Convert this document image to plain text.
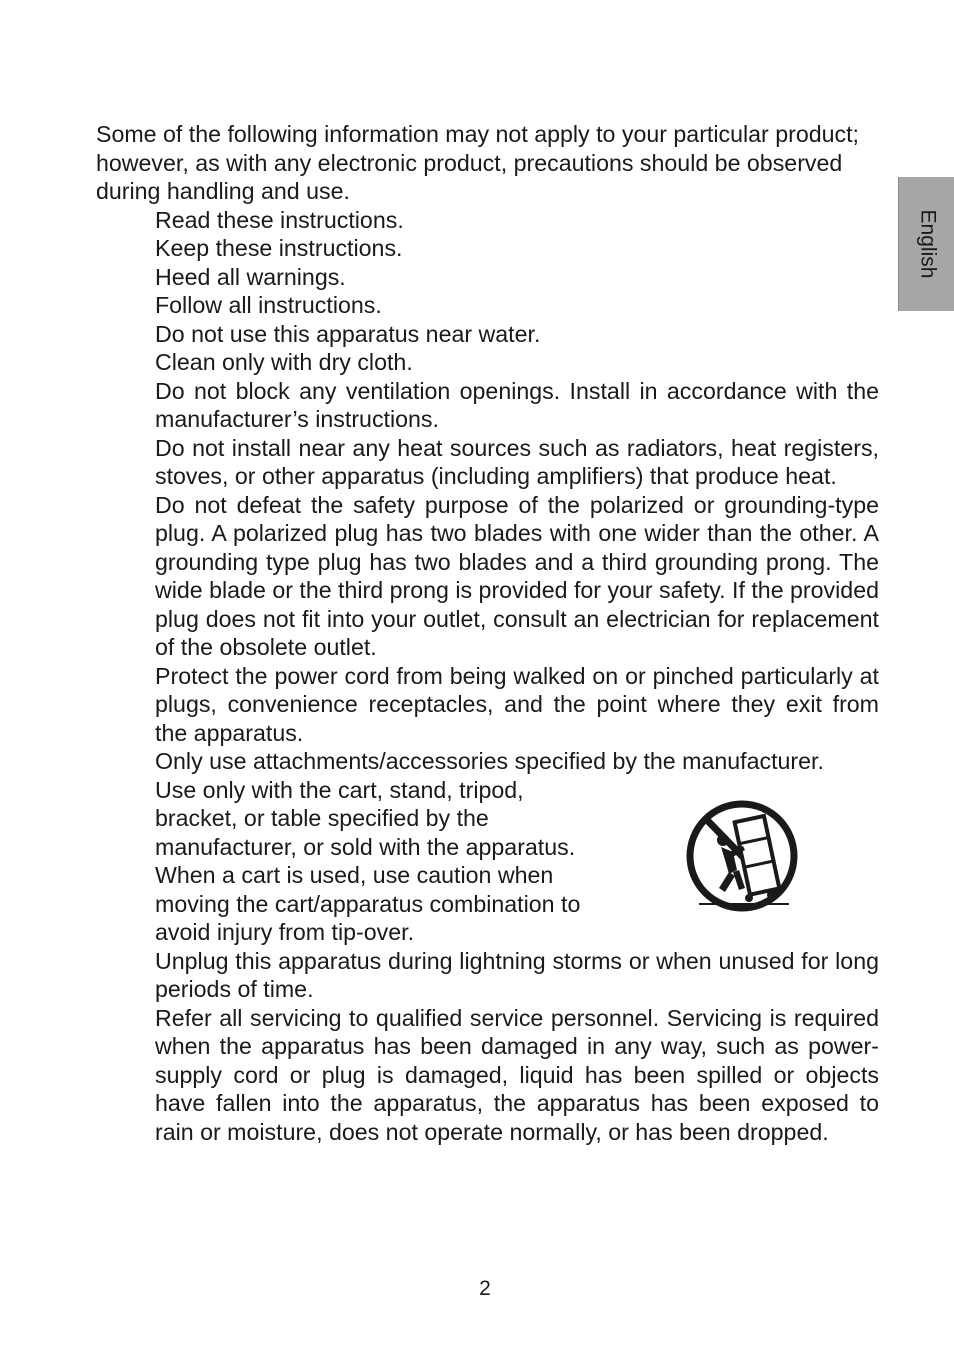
English

Some of the following information may not apply to your particular product; however, as with any electronic product, precautions should be observed during handling and use.

Read these instructions.

Keep these instructions.

Heed all warnings.

Follow all instructions.

Do not use this apparatus near water.

Clean only with dry cloth.

Do not block any ventilation openings. Install in accordance with the manufacturer’s instructions.

Do not install near any heat sources such as radiators, heat registers, stoves, or other apparatus (including amplifiers) that produce heat.

Do not defeat the safety purpose of the polarized or grounding-type plug. A polarized plug has two blades with one wider than the other. A grounding type plug has two blades and a third grounding prong. The wide blade or the third prong is provided for your safety. If the provided plug does not fit into your outlet, consult an electrician for replacement of the obsolete outlet.

Protect the power cord from being walked on or pinched particularly at plugs, convenience receptacles, and the point where they exit from the apparatus.

Only use attachments/accessories specified by the manufacturer.

Use only with the cart, stand, tripod,
bracket, or table specified by the manufacturer, or sold with the apparatus. When a cart is used, use caution when moving the cart/apparatus combination to avoid injury from tip-over.

Unplug this apparatus during lightning storms or when unused for long periods of time.

Refer all servicing to qualified service personnel. Servicing is required when the apparatus has been damaged in any way, such as power-supply cord or plug is damaged, liquid has been spilled or objects have fallen into the apparatus, the apparatus has been exposed to rain or moisture, does not operate normally, or has been dropped.

2
